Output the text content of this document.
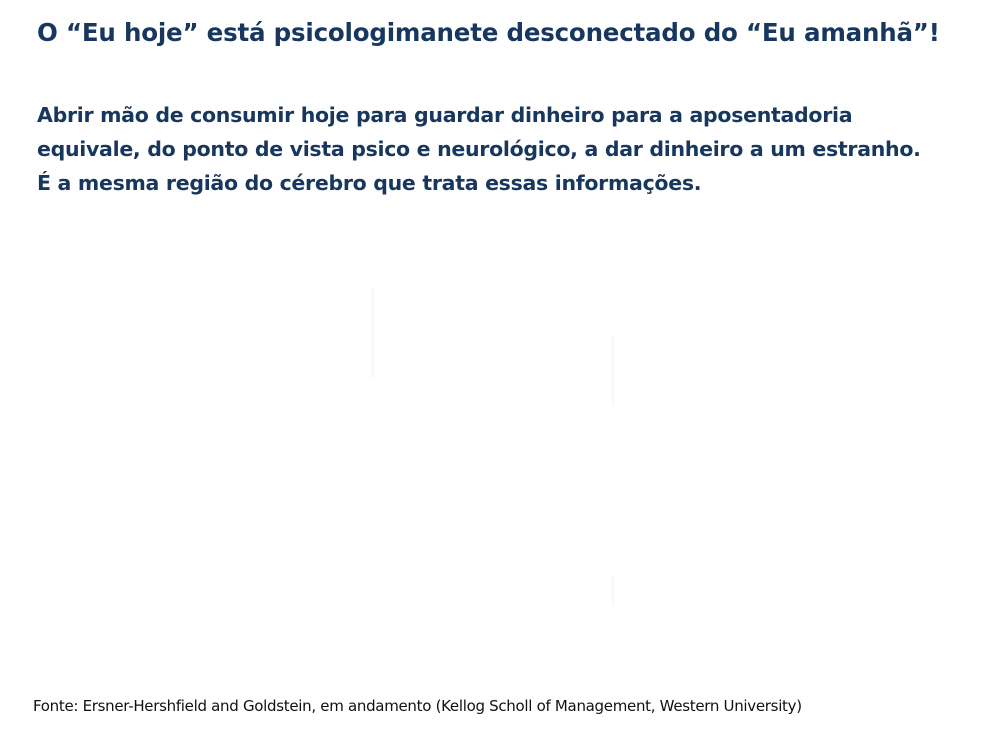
O “Eu hoje” está psicologimanete desconectado do “Eu amanhã”!

Abrir mão de consumir hoje para guardar dinheiro para a aposentadoria
equivale, do ponto de vista psico e neurológico, a dar dinheiro a um estranho.
É a mesma região do cérebro que trata essas informações.

Fonte: Ersner-Hershfield and Goldstein, em andamento (Kellog Scholl of Management, Western University)
